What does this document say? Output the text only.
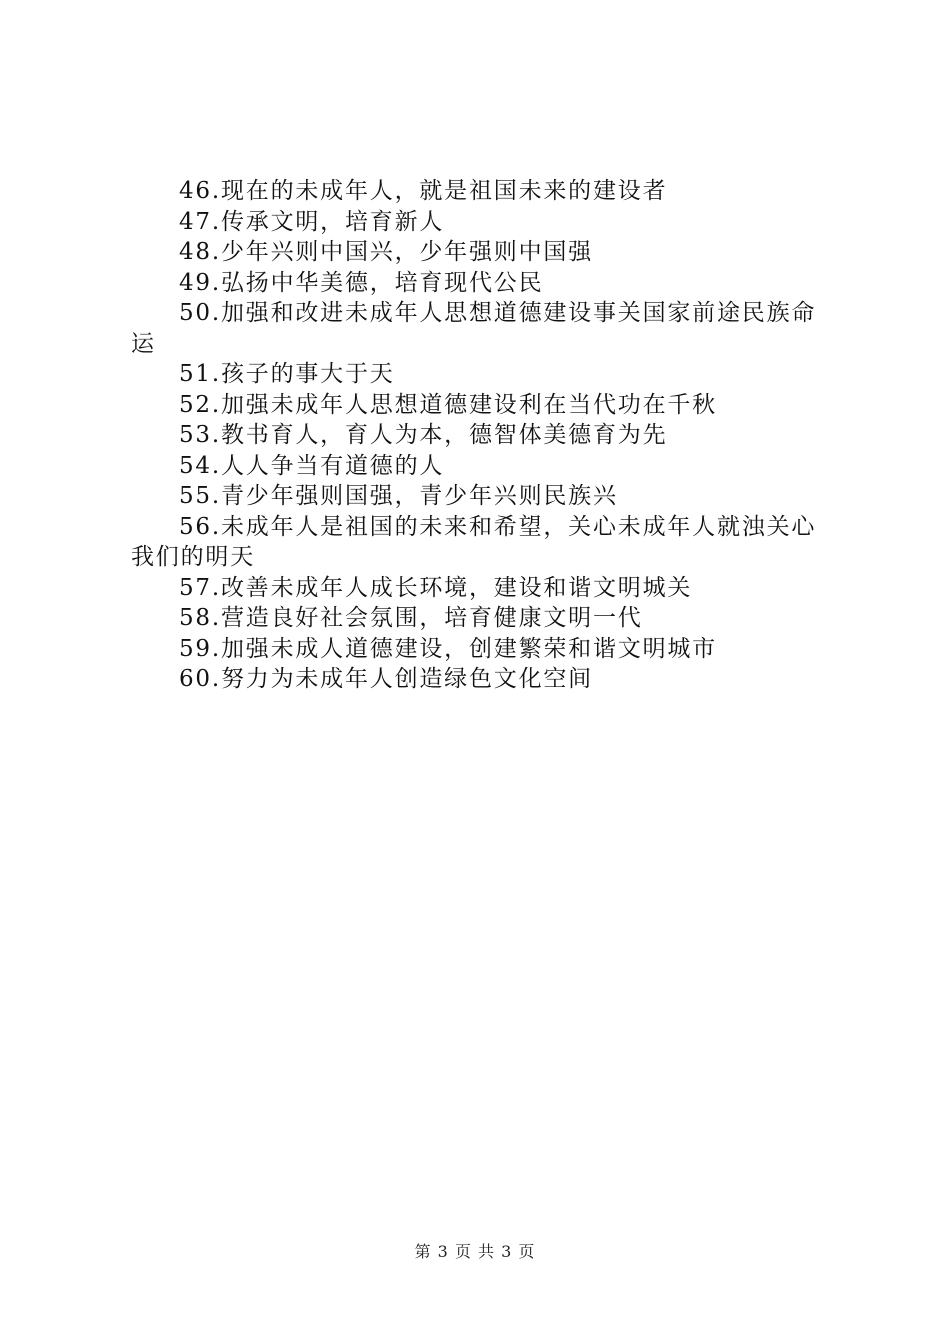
46.现在的未成年人，就是祖国未来的建设者

47.传承文明，培育新人

48.少年兴则中国兴，少年强则中国强

49.弘扬中华美德，培育现代公民

50.加强和改进未成年人思想道德建设事关国家前途民族命运

51.孩子的事大于天

52.加强未成年人思想道德建设利在当代功在千秋

53.教书育人，育人为本，德智体美德育为先

54.人人争当有道德的人

55.青少年强则国强，青少年兴则民族兴

56.未成年人是祖国的未来和希望，关心未成年人就浊关心我们的明天

57.改善未成年人成长环境，建设和谐文明城关

58.营造良好社会氛围，培育健康文明一代

59.加强未成人道德建设，创建繁荣和谐文明城市

60.努力为未成年人创造绿色文化空间

第 3 页 共 3 页
